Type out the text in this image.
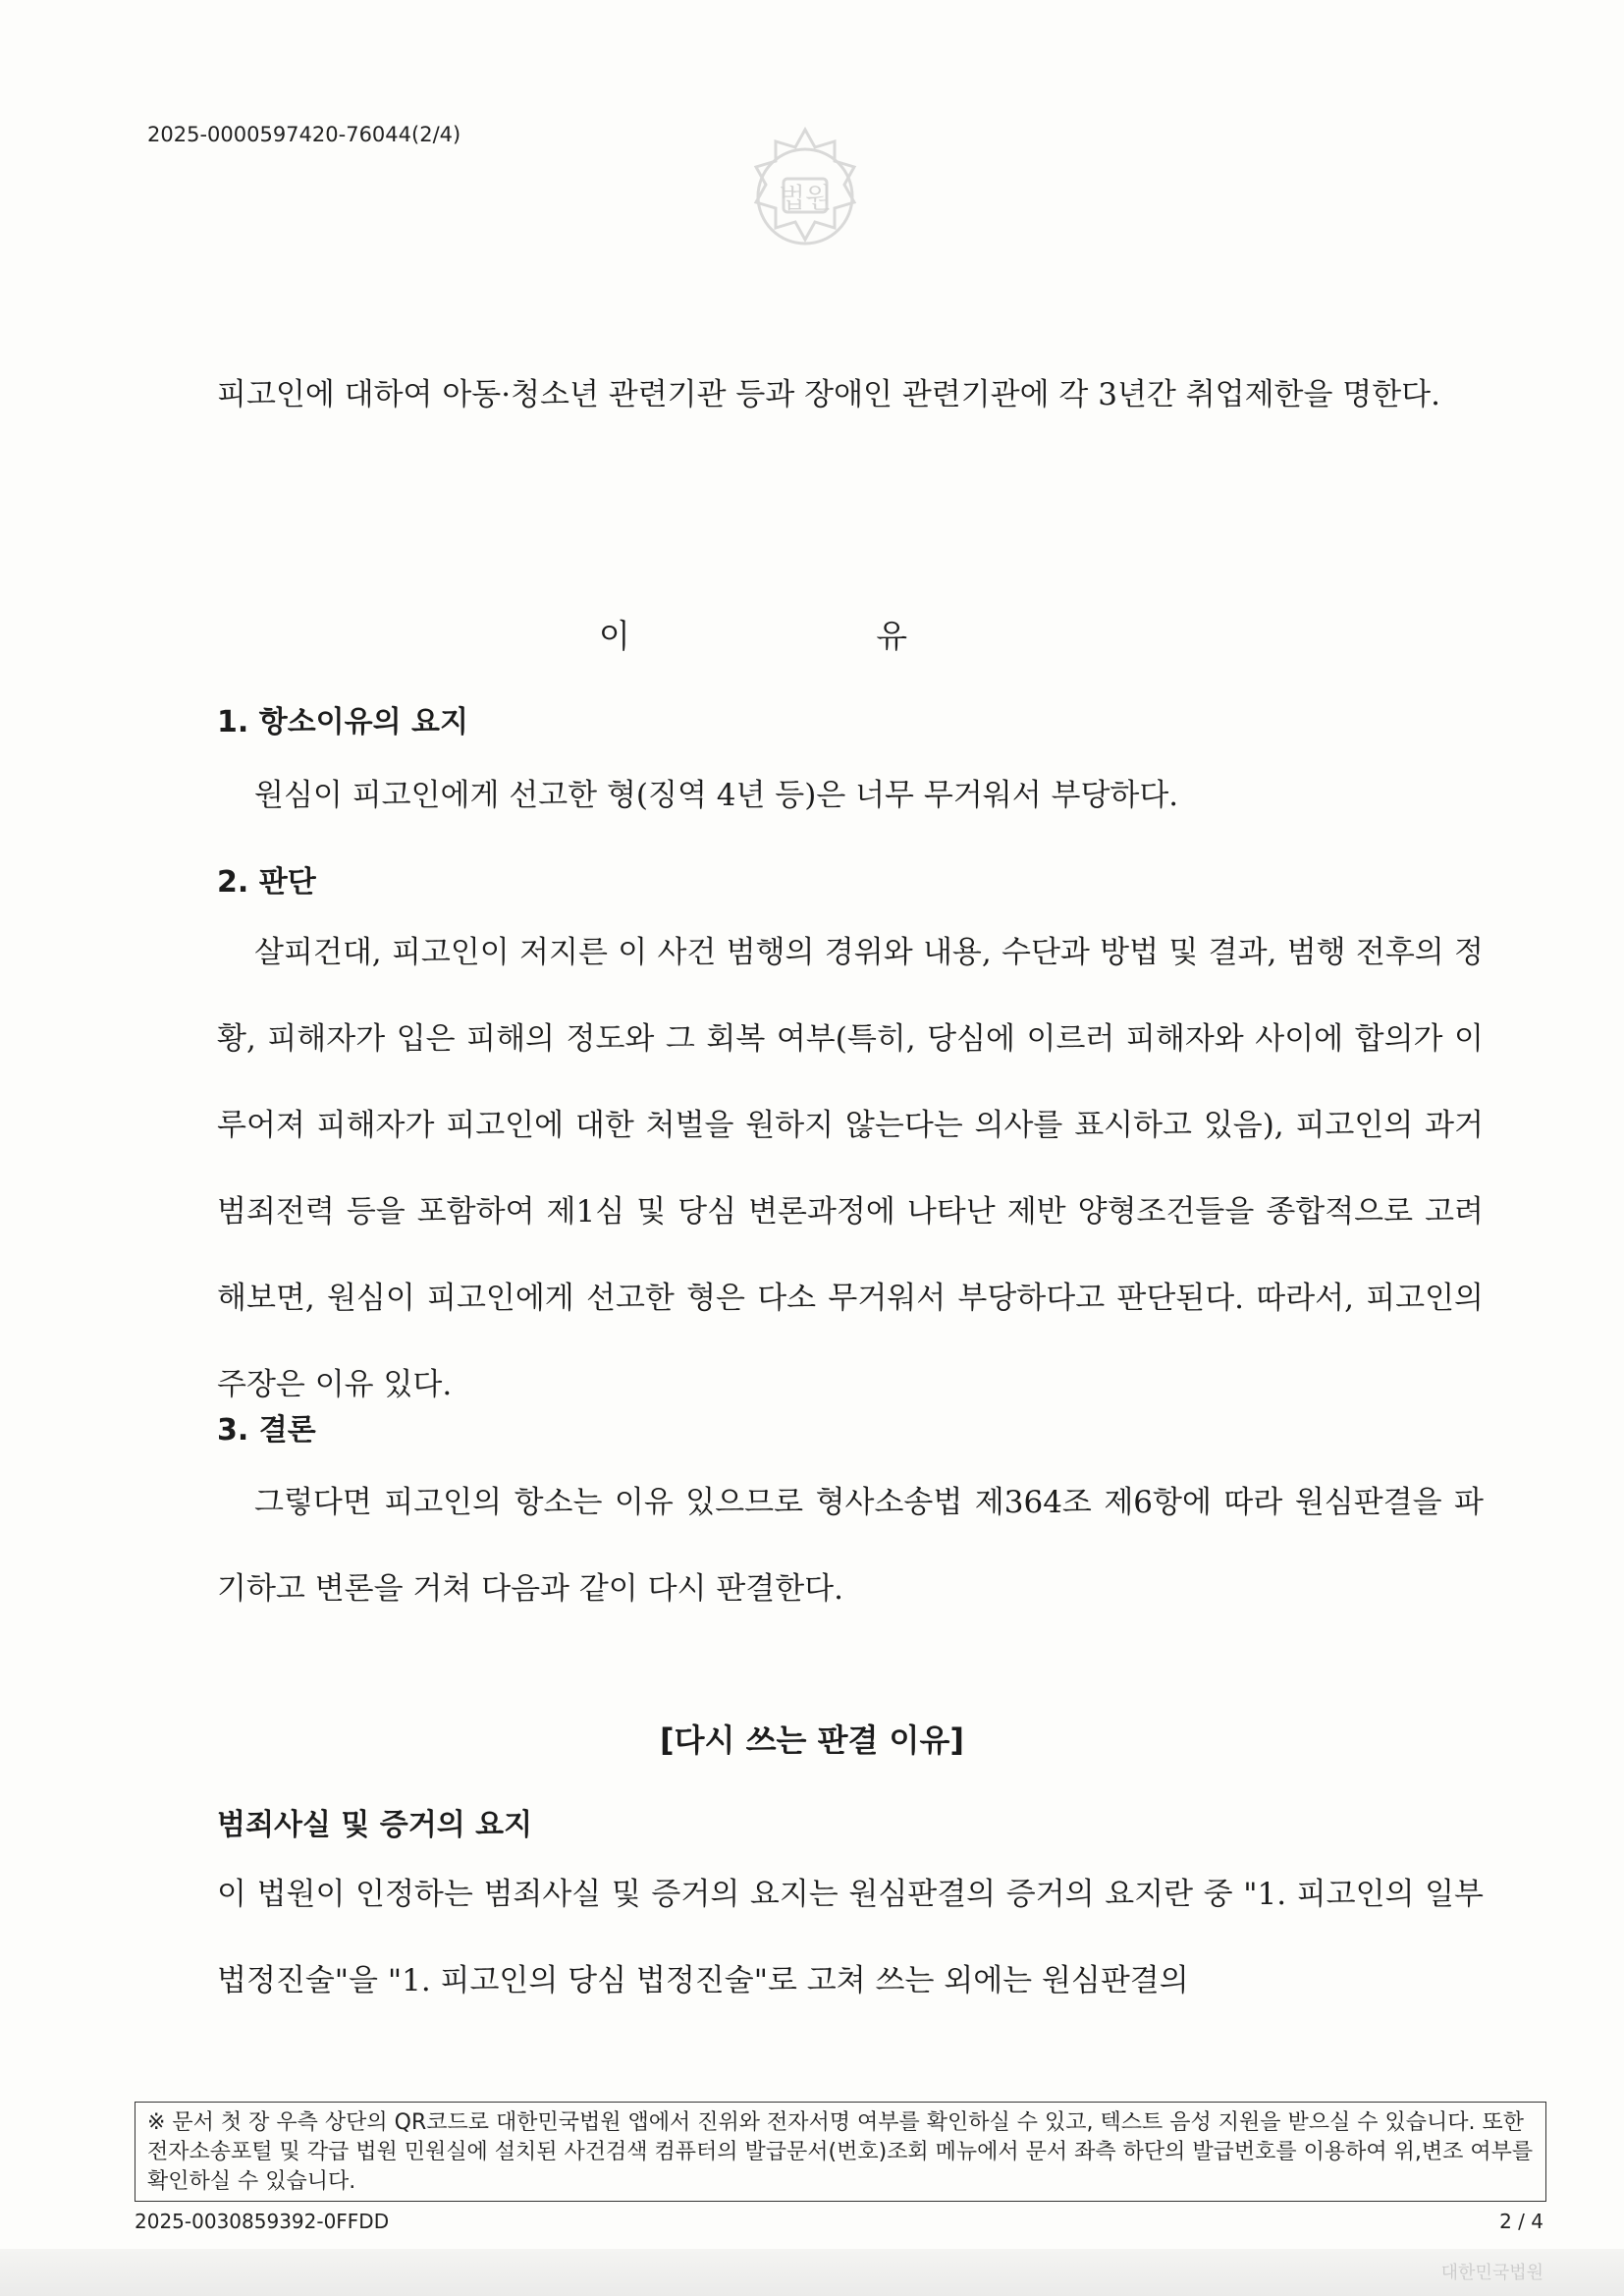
2025-0000597420-76044(2/4)
법원
피고인에 대하여 아동·청소년 관련기관 등과 장애인 관련기관에 각 3년간 취업제한을 명한다.
이 유
1. 항소이유의 요지
원심이 피고인에게 선고한 형(징역 4년 등)은 너무 무거워서 부당하다.
2. 판단
살피건대, 피고인이 저지른 이 사건 범행의 경위와 내용, 수단과 방법 및 결과, 범행 전후의 정황, 피해자가 입은 피해의 정도와 그 회복 여부(특히, 당심에 이르러 피해자와 사이에 합의가 이루어져 피해자가 피고인에 대한 처벌을 원하지 않는다는 의사를 표시하고 있음), 피고인의 과거 범죄전력 등을 포함하여 제1심 및 당심 변론과정에 나타난 제반 양형조건들을 종합적으로 고려해보면, 원심이 피고인에게 선고한 형은 다소 무거워서 부당하다고 판단된다. 따라서, 피고인의 주장은 이유 있다.
3. 결론
그렇다면 피고인의 항소는 이유 있으므로 형사소송법 제364조 제6항에 따라 원심판결을 파기하고 변론을 거쳐 다음과 같이 다시 판결한다.
[다시 쓰는 판결 이유]
범죄사실 및 증거의 요지
이 법원이 인정하는 범죄사실 및 증거의 요지는 원심판결의 증거의 요지란 중 "1. 피고인의 일부 법정진술"을 "1. 피고인의 당심 법정진술"로 고쳐 쓰는 외에는 원심판결의
※ 문서 첫 장 우측 상단의 QR코드로 대한민국법원 앱에서 진위와 전자서명 여부를 확인하실 수 있고, 텍스트 음성 지원을 받으실 수 있습니다. 또한 전자소송포털 및 각급 법원 민원실에 설치된 사건검색 컴퓨터의 발급문서(번호)조회 메뉴에서 문서 좌측 하단의 발급번호를 이용하여 위,변조 여부를 확인하실 수 있습니다.
2025-0030859392-0FFDD	2 / 4
대한민국법원
